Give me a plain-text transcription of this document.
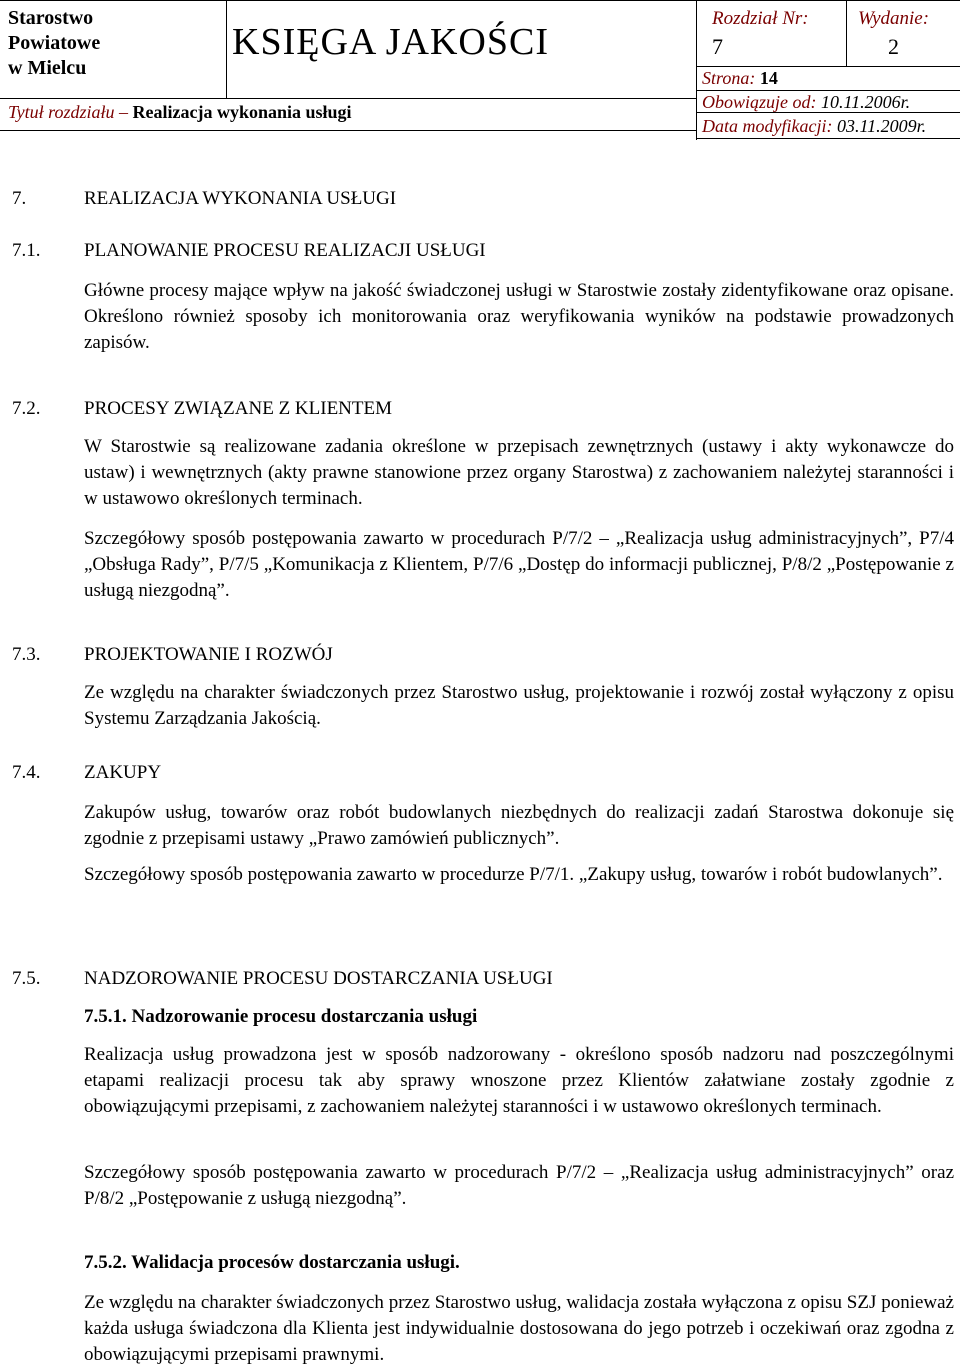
Starostwo
Powiatowe
w Mielcu
KSIĘGA JAKOŚCI
Rozdział Nr:
7
Wydanie:
2
Strona: 14
Obowiązuje od: 10.11.2006r.
Data modyfikacji: 03.11.2009r.
Tytuł rozdziału – Realizacja wykonania usługi
7.	REALIZACJA WYKONANIA USŁUGI
7.1. PLANOWANIE PROCESU REALIZACJI USŁUGI
Główne procesy mające wpływ na jakość świadczonej usługi w Starostwie zostały zidentyfikowane oraz opisane. Określono również sposoby ich monitorowania oraz weryfikowania wyników na podstawie prowadzonych zapisów.
7.2. PROCESY ZWIĄZANE Z KLIENTEM
W Starostwie są realizowane zadania określone w przepisach zewnętrznych (ustawy i akty wykonawcze do ustaw) i wewnętrznych (akty prawne stanowione przez organy Starostwa) z zachowaniem należytej staranności i w ustawowo określonych terminach.
Szczegółowy sposób postępowania zawarto w procedurach P/7/2 – „Realizacja usług administracyjnych”, P7/4 „Obsługa Rady”, P/7/5 „Komunikacja z Klientem, P/7/6 „Dostęp do informacji publicznej, P/8/2 „Postępowanie z usługą niezgodną”.
7.3. PROJEKTOWANIE I ROZWÓJ
Ze względu na charakter świadczonych przez Starostwo usług, projektowanie i rozwój został wyłączony z opisu Systemu Zarządzania Jakością.
7.4. ZAKUPY
Zakupów usług, towarów oraz robót budowlanych niezbędnych do realizacji zadań Starostwa dokonuje się zgodnie z przepisami ustawy „Prawo zamówień publicznych”.
Szczegółowy sposób postępowania zawarto w procedurze P/7/1. „Zakupy usług, towarów i robót budowlanych”.
7.5. NADZOROWANIE PROCESU DOSTARCZANIA USŁUGI
7.5.1. Nadzorowanie procesu dostarczania usługi
Realizacja usług prowadzona jest w sposób nadzorowany - określono sposób nadzoru nad poszczególnymi etapami realizacji procesu tak aby sprawy wnoszone przez Klientów załatwiane zostały zgodnie z obowiązującymi przepisami, z zachowaniem należytej staranności i w ustawowo określonych terminach.
Szczegółowy sposób postępowania zawarto w procedurach P/7/2 – „Realizacja usług administracyjnych” oraz P/8/2 „Postępowanie z usługą niezgodną”.
7.5.2. Walidacja procesów dostarczania usługi.
Ze względu na charakter świadczonych przez Starostwo usług, walidacja została wyłączona z opisu SZJ ponieważ każda usługa świadczona dla Klienta jest indywidualnie dostosowana do jego potrzeb i oczekiwań oraz zgodna z obowiązującymi przepisami prawnymi.
